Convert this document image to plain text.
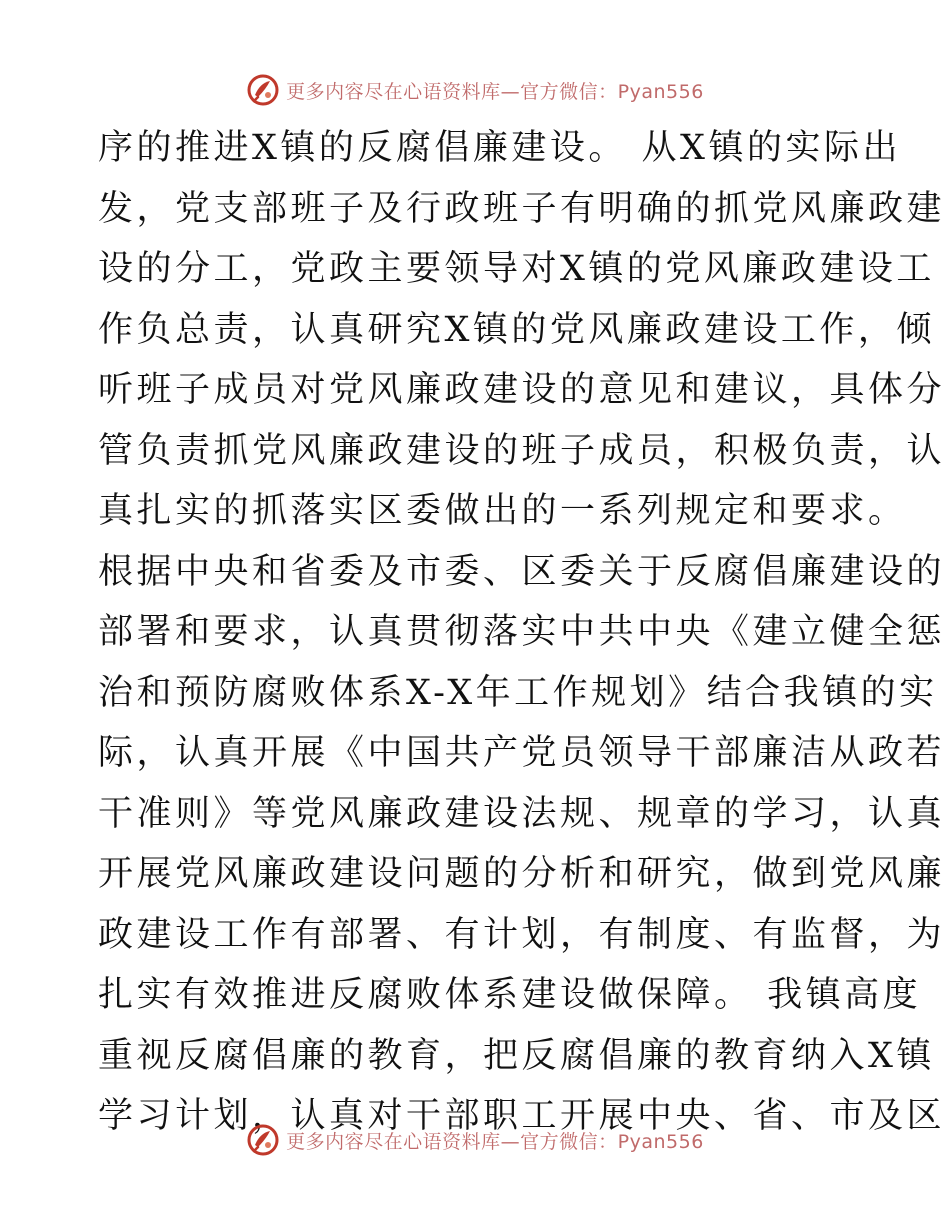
更多内容尽在心语资料库—官方微信：Pyan556
序的推进X镇的反腐倡廉建设。 从X镇的实际出
发，党支部班子及行政班子有明确的抓党风廉政建
设的分工，党政主要领导对X镇的党风廉政建设工
作负总责，认真研究X镇的党风廉政建设工作，倾
听班子成员对党风廉政建设的意见和建议，具体分
管负责抓党风廉政建设的班子成员，积极负责，认
真扎实的抓落实区委做出的一系列规定和要求。
根据中央和省委及市委、区委关于反腐倡廉建设的
部署和要求，认真贯彻落实中共中央《建立健全惩
治和预防腐败体系X-X年工作规划》结合我镇的实
际，认真开展《中国共产党员领导干部廉洁从政若
干准则》等党风廉政建设法规、规章的学习，认真
开展党风廉政建设问题的分析和研究，做到党风廉
政建设工作有部署、有计划，有制度、有监督，为
扎实有效推进反腐败体系建设做保障。 我镇高度
重视反腐倡廉的教育，把反腐倡廉的教育纳入X镇
学习计划，认真对干部职工开展中央、省、市及区
更多内容尽在心语资料库—官方微信：Pyan556
